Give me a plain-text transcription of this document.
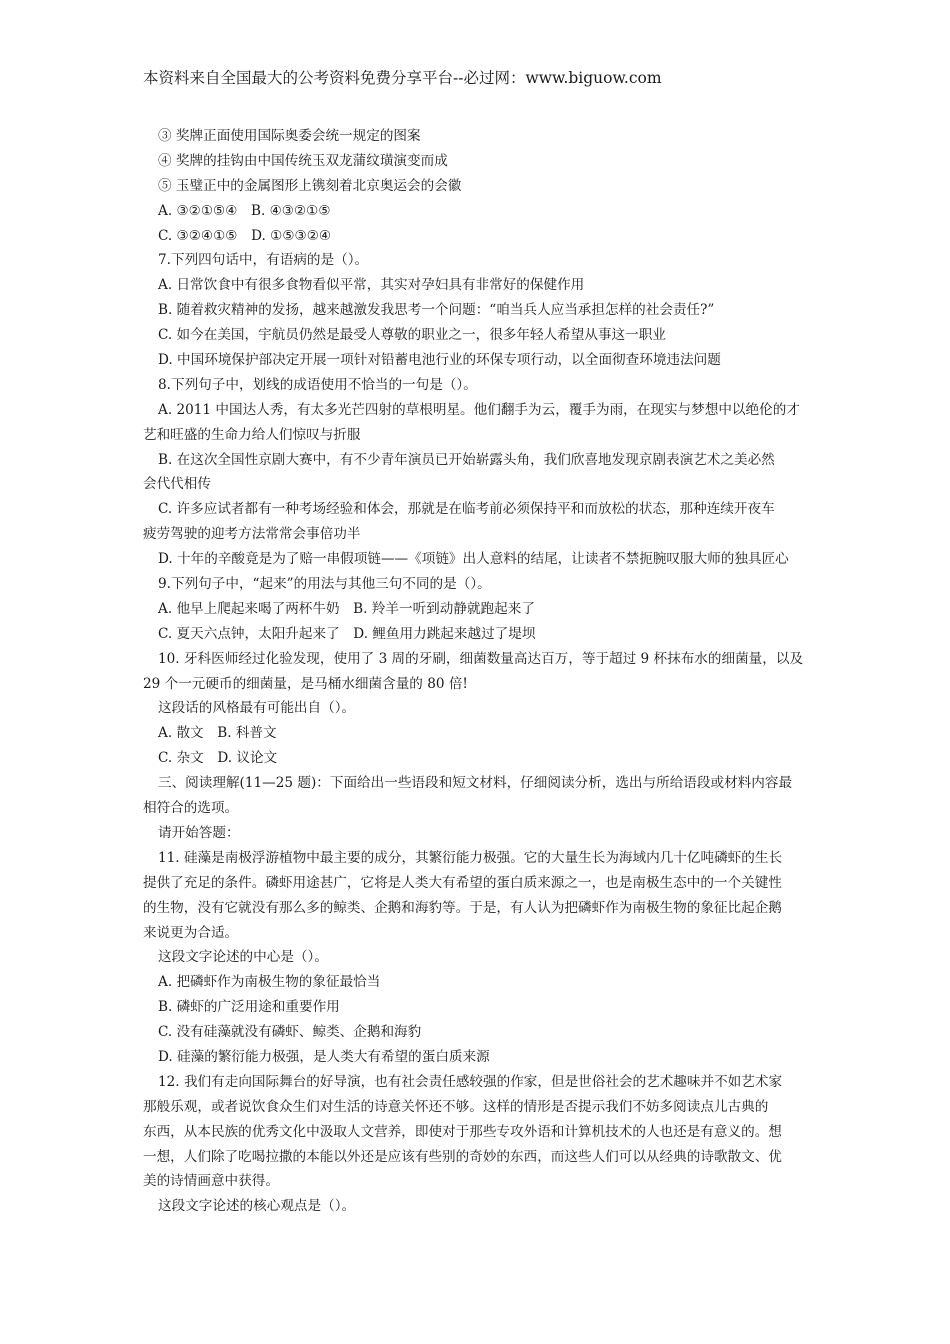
本资料来自全国最大的公考资料免费分享平台--必过网：www.biguow.com
③ 奖牌正面使用国际奥委会统一规定的图案
④ 奖牌的挂钩由中国传统玉双龙蒲纹璜演变而成
⑤ 玉璧正中的金属图形上镌刻着北京奥运会的会徽
A. ③②①⑤④　B. ④③②①⑤
C. ③②④①⑤　D. ①⑤③②④
7.下列四句话中，有语病的是（）。
A. 日常饮食中有很多食物看似平常，其实对孕妇具有非常好的保健作用
B. 随着救灾精神的发扬，越来越激发我思考一个问题：“咱当兵人应当承担怎样的社会责任?”
C. 如今在美国，宇航员仍然是最受人尊敬的职业之一，很多年轻人希望从事这一职业
D. 中国环境保护部决定开展一项针对铅蓄电池行业的环保专项行动，以全面彻查环境违法问题
8.下列句子中，划线的成语使用不恰当的一句是（）。
A. 2011 中国达人秀，有太多光芒四射的草根明星。他们翻手为云，覆手为雨，在现实与梦想中以绝伦的才
艺和旺盛的生命力给人们惊叹与折服
B. 在这次全国性京剧大赛中，有不少青年演员已开始崭露头角，我们欣喜地发现京剧表演艺术之美必然
会代代相传
C. 许多应试者都有一种考场经验和体会，那就是在临考前必须保持平和而放松的状态，那种连续开夜车
疲劳驾驶的迎考方法常常会事倍功半
D. 十年的辛酸竟是为了赔一串假项链——《项链》出人意料的结尾，让读者不禁扼腕叹服大师的独具匠心
9.下列句子中，“起来”的用法与其他三句不同的是（）。
A. 他早上爬起来喝了两杯牛奶　B. 羚羊一听到动静就跑起来了
C. 夏天六点钟，太阳升起来了　D. 鲤鱼用力跳起来越过了堤坝
10. 牙科医师经过化验发现，使用了 3 周的牙刷，细菌数量高达百万，等于超过 9 杯抹布水的细菌量，以及
29 个一元硬币的细菌量，是马桶水细菌含量的 80 倍!
这段话的风格最有可能出自（）。
A. 散文　B. 科普文
C. 杂文　D. 议论文
三、阅读理解(11—25 题)：下面给出一些语段和短文材料，仔细阅读分析，选出与所给语段或材料内容最
相符合的选项。
请开始答题：
11. 硅藻是南极浮游植物中最主要的成分，其繁衍能力极强。它的大量生长为海域内几十亿吨磷虾的生长
提供了充足的条件。磷虾用途甚广，它将是人类大有希望的蛋白质来源之一，也是南极生态中的一个关键性
的生物，没有它就没有那么多的鲸类、企鹅和海豹等。于是，有人认为把磷虾作为南极生物的象征比起企鹅
来说更为合适。
这段文字论述的中心是（）。
A. 把磷虾作为南极生物的象征最恰当
B. 磷虾的广泛用途和重要作用
C. 没有硅藻就没有磷虾、鲸类、企鹅和海豹
D. 硅藻的繁衍能力极强，是人类大有希望的蛋白质来源
12. 我们有走向国际舞台的好导演，也有社会责任感较强的作家，但是世俗社会的艺术趣味并不如艺术家
那般乐观，或者说饮食众生们对生活的诗意关怀还不够。这样的情形是否提示我们不妨多阅读点儿古典的
东西，从本民族的优秀文化中汲取人文营养，即使对于那些专攻外语和计算机技术的人也还是有意义的。想
一想，人们除了吃喝拉撒的本能以外还是应该有些别的奇妙的东西，而这些人们可以从经典的诗歌散文、优
美的诗情画意中获得。
这段文字论述的核心观点是（）。
